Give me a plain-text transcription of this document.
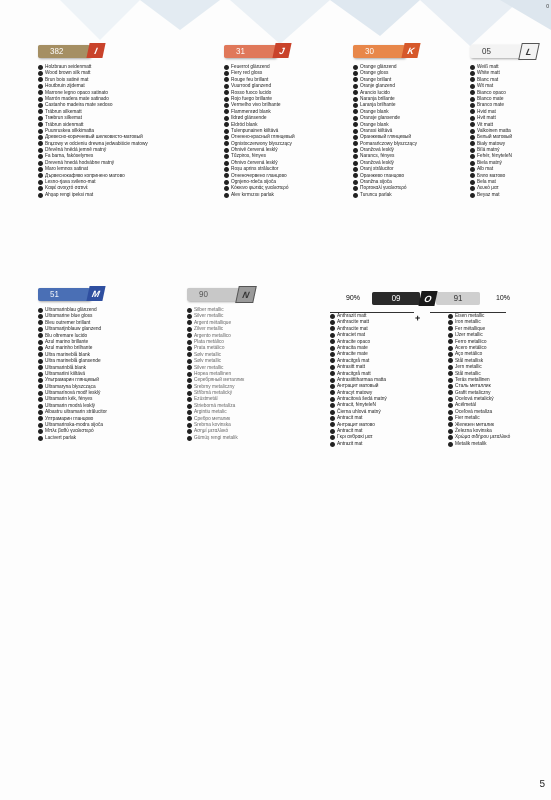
0
5
382	I
Holzbraun seidenmatt
Wood brown silk matt
Brun bois satiné mat
Houtbruin zijdemat
Marrone legno opaco satinato
Marrón madera mate satinado
Castanho madeira mate sedoso
Träbrun silkematt
Træbrun silkemat
Träbrun sidenmatt
Puunruskea silkkimatta
Древесно-коричневый шелковисто-матовый
Brązowy w odcieniu drewna jedwabiście matowy
Dřevěná hnědá jemně matný
Fa barna, fakóselymes
Drevená hnedá hodvábne matný
Maro lemnos satinat
Дървеснокафяво копринено матово
Lesno-rjava svileno-mat
Καφέ ανοιχτό σατινέ
Ahşap rengi ipeksi mat
31	J
Feuerrot glänzend
Fiery red gloss
Rouge feu brillant
Vuurrood glanzend
Rosso fuoco lucido
Rojo fuego brillante
Vermelho vivo brilhante
Flammenrød blank
Ildrød glänsende
Eldröd blank
Tulenpunainen kiiltävä
Огненно-красный глянцевый
Ognistoczerwony błyszczący
Ohnivě červená lesklý
Tűzpiros, fényes
Ohnivo červená lesklý
Roșu aprins strălucitor
Огненочервено гланцово
Ognjeno-rdeča sijoča
Κόκκινο φωτιάς γυαλιστερό
Alev kırmızısı parlak
30	K
Orange glänzend
Orange gloss
Orange brillant
Oranje glanzend
Arancio lucido
Naranja brillante
Laranja brilhante
Orange blank
Oransje glansende
Orange blank
Oranssi kiiltävä
Оранжевый глянцевый
Pomarańczowy błyszczący
Oranžová lesklý
Narancs, fényes
Oranžová lesklý
Oranj strălucitor
Оранжево гланцово
Oranžna sijoča
Πορτοκαλί γυαλιστερό
Turuncu parlak
05	L
Weiß matt
White matt
Blanc mat
Wit mat
Bianco opaco
Blanco mate
Branco mate
Hvid mat
Hvit matt
Vit matt
Valkoinen matta
Белый матовый
Biały matowy
Bílá matný
Fehér, fényteleN
Biela matný
Alb mat
Бяло матово
Bela mat
Λευκό ματ
Beyaz mat
51	M
Ultramarinblau glänzend
Ultramarine blue gloss
Bleu outremer brillant
Ultramarijnblauw glanzend
Blu oltremare lucido
Azul marino brillante
Azul marinho brilhante
Ultra marineblå blank
Ultra marineblå glansende
Ultramarinblå blank
Ultramariini kiiltävä
Ультрамарин глянцевый
Ultramaryna błyszcząca
Ultramarínová modř lesklý
Ultramarin kék, fényes
Ultramarin modrá lesklý
Albastru ultramarin strălucitor
Ултрамарин гланцово
Ultramarinska-modra sijoča
Μπλε βαθύ γυαλιστερό
Lacivert parlak
90	N
Silber metallic
Silver metallic
Argent métallique
Zilver metallic
Argento metallico
Plata metálico
Prata metálico
Sølv metallic
Sølv metallic
Silver metallic
Hopea metallinen
Серебряный металлик
Srebrny metaliczny
Stříbrná metalický
Ezüstmetál
Strieborná metalíza
Argintiu metalic
Сребро металик
Srebrna kovinska
Ασημί μεταλλικό
Gümüş rengi metalik
90%	09	O	91	10%
+
Anthrazit matt
Anthracite matt
Anthracite mat
Antraciet mat
Antracite opaco
Antracita mate
Antracite mate
Antracitgrå mat
Antrasitt matt
Antracitgrå matt
Antrasiittiharmaa matta
Антрацит матовый
Antracyt matowy
Antracitová šedá matný
Antracit, fényteleN
Čierna uhlová matný
Antracit mat
Антрацит матово
Antracit mat
Γκρι ανθρακί ματ
Antrazit mat
Eisen metallic
Iron metallic
Fer métallique
IJzer metallic
Ferro metallico
Acero metálico
Aço metálico
Stål metallisk
Jern metallic
Stål metallic
Teräs metallinen
Сталь металлик
Grafit metaliczny
Ocelová metalický
Acélmetál
Oceľová metalíza
Fier metalic
Железен металик
Železna kovinska
Χρώμα σιδήρου μεταλλικό
Metalik metalik
